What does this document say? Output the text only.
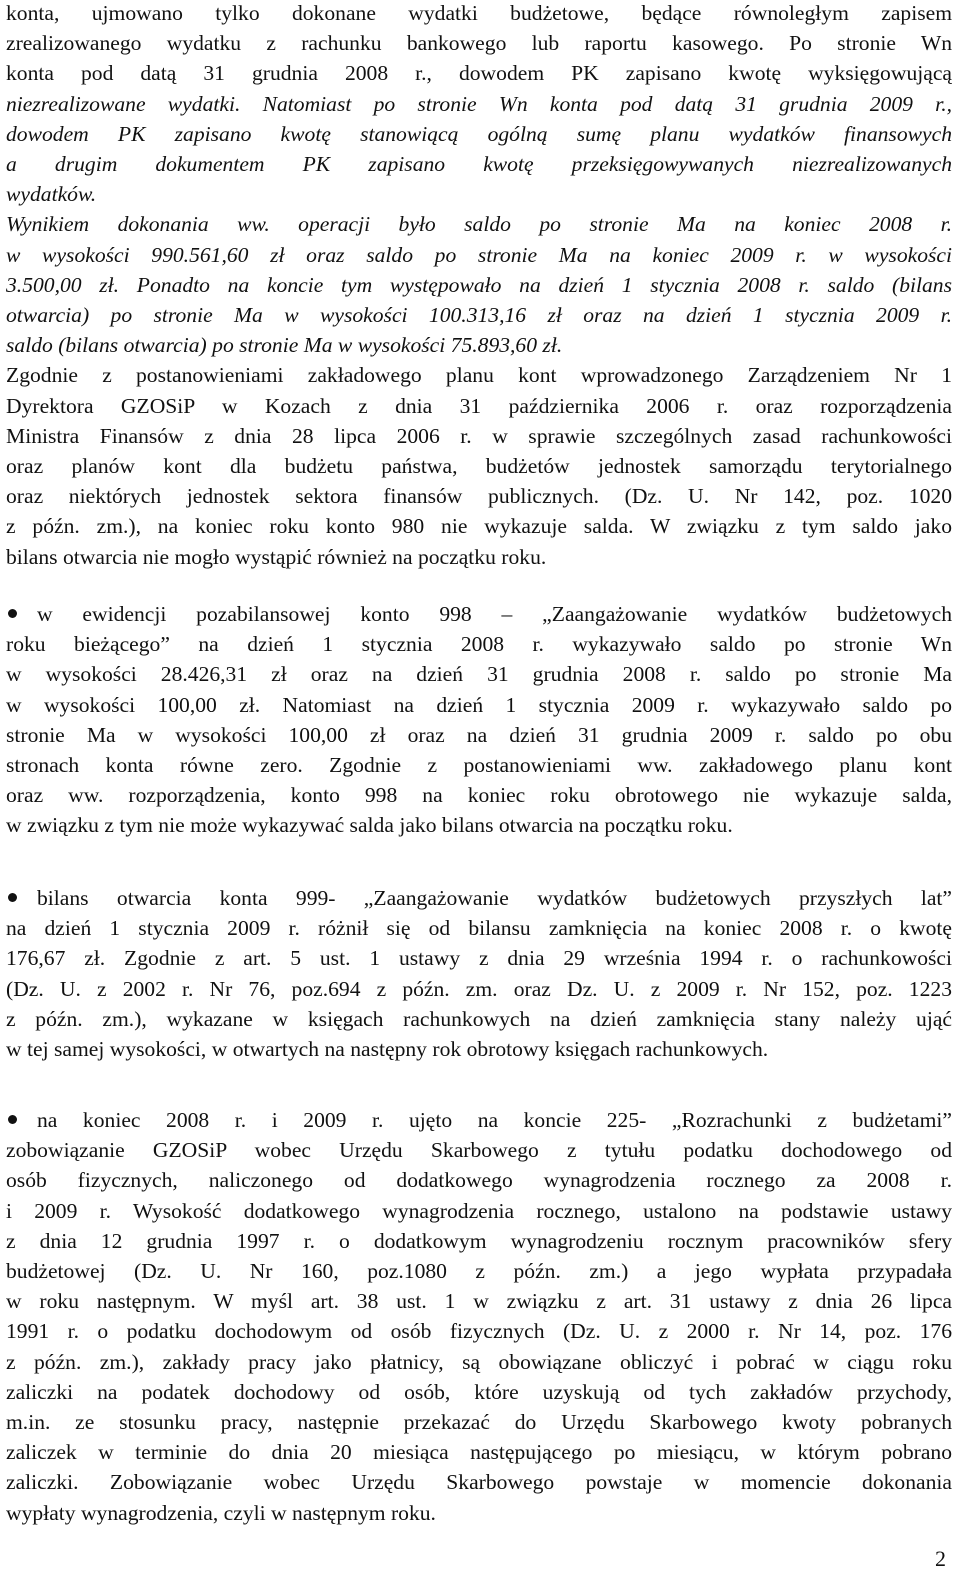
konta, ujmowano tylko dokonane wydatki budżetowe, będące równoległym zapisem
zrealizowanego wydatku z rachunku bankowego lub raportu kasowego. Po stronie Wn
konta pod datą 31 grudnia 2008 r., dowodem PK zapisano kwotę wyksięgowującą
niezrealizowane wydatki. Natomiast po stronie Wn konta pod datą 31 grudnia 2009 r.,
dowodem PK zapisano kwotę stanowiącą ogólną sumę planu wydatków finansowych
a drugim dokumentem PK zapisano kwotę przeksięgowywanych niezrealizowanych
wydatków.
Wynikiem dokonania ww. operacji było saldo po stronie Ma na koniec 2008 r.
w wysokości 990.561,60 zł oraz saldo po stronie Ma na koniec 2009 r. w wysokości
3.500,00 zł. Ponadto na koncie tym występowało na dzień 1 stycznia 2008 r. saldo (bilans
otwarcia) po stronie Ma w wysokości 100.313,16 zł oraz na dzień 1 stycznia 2009 r.
saldo (bilans otwarcia) po stronie Ma w wysokości 75.893,60 zł.
Zgodnie z postanowieniami zakładowego planu kont wprowadzonego Zarządzeniem Nr 1
Dyrektora GZOSiP w Kozach z dnia 31 października 2006 r. oraz rozporządzenia
Ministra Finansów z dnia 28 lipca 2006 r. w sprawie szczególnych zasad rachunkowości
oraz planów kont dla budżetu państwa, budżetów jednostek samorządu terytorialnego
oraz niektórych jednostek sektora finansów publicznych. (Dz. U. Nr 142, poz. 1020
z późn. zm.), na koniec roku konto 980 nie wykazuje salda. W związku z tym saldo jako
bilans otwarcia nie mogło wystąpić również na początku roku.
w ewidencji pozabilansowej konto 998 – „Zaangażowanie wydatków budżetowych
roku bieżącego” na dzień 1 stycznia 2008 r. wykazywało saldo po stronie Wn
w wysokości 28.426,31 zł oraz na dzień 31 grudnia 2008 r. saldo po stronie Ma
w wysokości 100,00 zł. Natomiast na dzień 1 stycznia 2009 r. wykazywało saldo po
stronie Ma w wysokości 100,00 zł oraz na dzień 31 grudnia 2009 r. saldo po obu
stronach konta równe zero. Zgodnie z postanowieniami ww. zakładowego planu kont
oraz ww. rozporządzenia, konto 998 na koniec roku obrotowego nie wykazuje salda,
w związku z tym nie może wykazywać salda jako bilans otwarcia na początku roku.
bilans otwarcia konta 999- „Zaangażowanie wydatków budżetowych przyszłych lat”
na dzień 1 stycznia 2009 r. różnił się od bilansu zamknięcia na koniec 2008 r. o kwotę
176,67 zł. Zgodnie z art. 5 ust. 1 ustawy z dnia 29 września 1994 r. o rachunkowości
(Dz. U. z 2002 r. Nr 76, poz.694 z późn. zm. oraz Dz. U. z 2009 r. Nr 152, poz. 1223
z późn. zm.), wykazane w księgach rachunkowych na dzień zamknięcia stany należy ująć
w tej samej wysokości, w otwartych na następny rok obrotowy księgach rachunkowych.
na koniec 2008 r. i 2009 r. ujęto na koncie 225- „Rozrachunki z budżetami”
zobowiązanie GZOSiP wobec Urzędu Skarbowego z tytułu podatku dochodowego od
osób fizycznych, naliczonego od dodatkowego wynagrodzenia rocznego za 2008 r.
i 2009 r. Wysokość dodatkowego wynagrodzenia rocznego, ustalono na podstawie ustawy
z dnia 12 grudnia 1997 r. o dodatkowym wynagrodzeniu rocznym pracowników sfery
budżetowej (Dz. U. Nr 160, poz.1080 z późn. zm.) a jego wypłata przypadała
w roku następnym. W myśl art. 38 ust. 1 w związku z art. 31 ustawy z dnia 26 lipca
1991 r. o podatku dochodowym od osób fizycznych (Dz. U. z 2000 r. Nr 14, poz. 176
z późn. zm.), zakłady pracy jako płatnicy, są obowiązane obliczyć i pobrać w ciągu roku
zaliczki na podatek dochodowy od osób, które uzyskują od tych zakładów przychody,
m.in. ze stosunku pracy, następnie przekazać do Urzędu Skarbowego kwoty pobranych
zaliczek w terminie do dnia 20 miesiąca następującego po miesiącu, w którym pobrano
zaliczki. Zobowiązanie wobec Urzędu Skarbowego powstaje w momencie dokonania
wypłaty wynagrodzenia, czyli w następnym roku.
2
